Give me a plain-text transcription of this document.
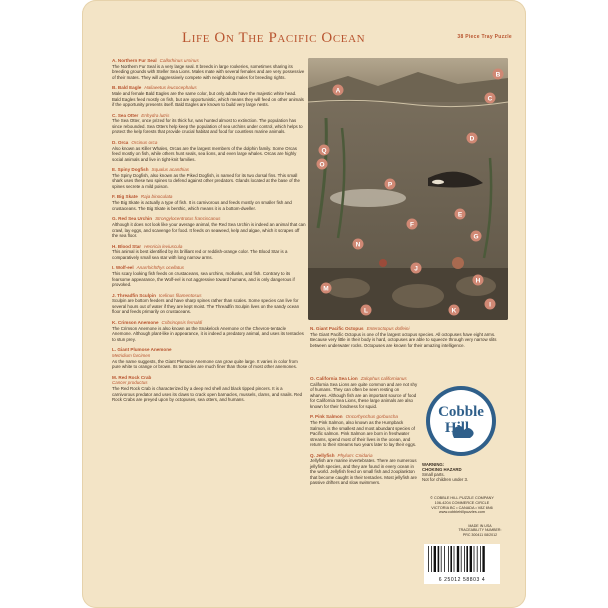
Life On The Pacific Ocean	38 Piece Tray Puzzle
A. Northern Fur Seal Callorhinus ursinus
The Northern Fur Seal is a very large seal. It breeds in large rookeries, sometimes sharing its breeding grounds with Steller Sea Lions. Males mate with several females and are very possessive of their mates. They will aggressively compete with neighboring males for breeding rights.
B. Bald Eagle Haliaeetus leucocephalus
Male and female Bald Eagles are the same color, but only adults have the majestic white head. Bald Eagles feed mostly on fish, but are opportunistic, which means they will feed on other animals if the opportunity presents itself. Bald Eagles are known to build very large nests.
C. Sea Otter Enhydra lutris
The Sea Otter, once prized for its thick fur, was hunted almost to extinction. The population has since rebounded. Sea Otters help keep the population of sea urchins under control, which helps to protect the kelp forests that provide crucial habitat and food for countless marine animals.
D. Orca Orcinus orca
Also known as Killer Whales, Orcas are the largest members of the dolphin family. Some Orcas feed mostly on fish, while others hunt seals, sea lions, and even large whales. Orcas are highly social animals and live in tight-knit families.
E. Spiny Dogfish Squalus acanthias
The Spiny Dogfish, also known as the Piked Dogfish, is named for its two dorsal fins. This small shark uses these two spines to defend against other predators. Glands located at the base of the spines secrete a mild poison.
F. Big Skate Raja binoculata
The Big Skate is actually a type of fish. It is carnivorous and feeds mostly on smaller fish and crustaceans. The Big Skate is benthic, which means it is a bottom-dweller.
G. Red Sea Urchin Strongylocentrotus franciscanus
Although it does not look like your average animal, the Red Sea Urchin is indeed an animal that can crawl, lay eggs, and scavenge for food. It feeds on seaweed, kelp and algae, which it scrapes off the sea floor.
H. Blood Star Henricia leviuscula
This animal is best identified by its brilliant red or reddish-orange color. The Blood Star is a comparatively small sea star with long narrow arms.
I. Wolf-eel Anarrhichthys ocellatus
This scary looking fish feeds on crustaceans, sea urchins, mollusks, and fish. Contrary to its fearsome appearance, the Wolf-eel is not aggressive toward humans, and is only dangerous if provoked.
J. Threadfin Sculpin Icelinus filamentosus
Sculpin are bottom feeders and have sharp spines rather than scales. Some species can live for several hours out of water if they are kept moist. The Threadfin Sculpin lives on the sandy ocean floor and feeds primarily on crustaceans.
K. Crimson Anemone Cribrinopsis fernaldi
The Crimson Anemone is also known as the Snakelock Anemone or the Chevron-tentacle Anemone. Although plant-like in appearance, it is indeed a predatory animal, and uses its tentacles to stun prey.
L. Giant Plumose Anemone
Metridium farcimen
As the name suggests, the Giant Plumose Anemone can grow quite large. It varies in color from pure white to orange or brown. Its tentacles are much finer than those of most other anemones.
M. Red Rock Crab
Cancer productus
The Red Rock Crab is characterized by a deep red shell and black tipped pincers. It is a carnivorous predator and uses its claws to crack open barnacles, mussels, clams, and snails. Red Rock Crabs are preyed upon by octopuses, sea otters, and humans.
A
B
C
D
E
F
G
H
I
J
K
L
M
N
O
P
Q
N. Giant Pacific Octopus Enteroctopus dofleini
The Giant Pacific Octopus is one of the largest octopus species. All octopuses have eight arms. Because very little in their body is hard, octopuses are able to squeeze through very narrow slits between underwater rocks. Octopuses are known for their amazing intelligence.
O. California Sea Lion Zalophus californianus
California Sea Lions are quite common and are not shy of humans. They can often be seen resting on wharves. Although fish are an important source of food for California Sea Lions, these large animals are also known for their fondness for squid.
P. Pink Salmon Oncorhynchus gorbuscha
The Pink Salmon, also known as the Humpback Salmon, is the smallest and most abundant species of Pacific salmon. Pink Salmon are born in freshwater streams, spend most of their lives in the ocean, and return to their streams two years later to lay their eggs.
Q. Jellyfish Phylum: Cnidaria
Jellyfish are marine invertebrates. There are numerous jellyfish species, and they are found in every ocean in the world. Jellyfish feed on small fish and zooplankton that become caught in their tentacles. Most jellyfish are passive drifters and slow swimmers.
Cobble
Hill
WARNING:
CHOKING HAZARD
Small parts.
Not for children under 3.
© COBBLE HILL PUZZLE COMPANY
106-4204 COMMERCE CIRCLE
VICTORIA BC • CANADA • V8Z 6N6
www.cobblehillpuzzles.com
MADE IN USA
TRACEABILITY NUMBER:
PRC 300411 08/2012
6 25012 58803 4
